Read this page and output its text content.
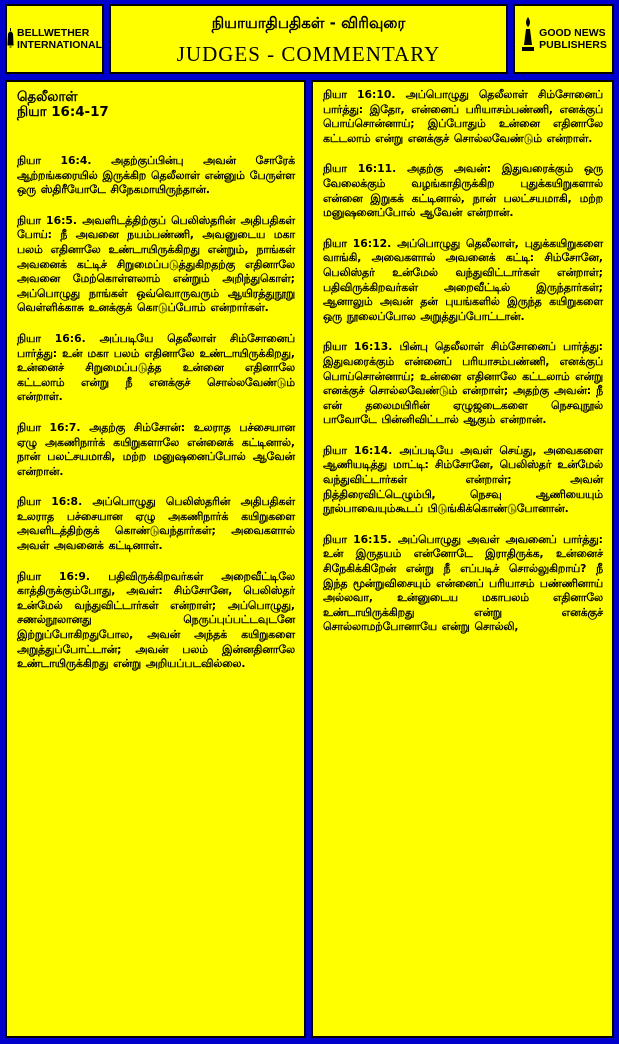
BELLWETHER
INTERNATIONAL
நியாயாதிபதிகள் - விரிவுரை
JUDGES - COMMENTARY
GOOD NEWS
PUBLISHERS
தெலீலாள்
நியா 16:4-17

நியா 16:4. அதற்குப்பின்பு அவன் சோரேக் ஆற்றங்கரையில் இருக்கிற தெலீலாள் என்னும் பேருள்ள ஒரு ஸ்திரீயோடே சிநேகமாயிருந்தான்.

நியா 16:5. அவளிடத்திற்குப் பெலிஸ்தரின் அதிபதிகள் போய்: நீ அவனை நயம்பண்ணி, அவனுடைய மகா பலம் எதினாலே உண்டாயிருக்கிறது என்றும், நாங்கள் அவனைக் கட்டிச் சிறுமைப்படுத்துகிறதற்கு எதினாலே அவனை மேற்கொள்ளலாம் என்றும் அறிந்துகொள்; அப்பொழுது நாங்கள் ஒவ்வொருவரும் ஆயிரத்துநூறு வெள்ளிக்காசு உனக்குக் கொடுப்போம் என்றார்கள்.

நியா 16:6. அப்படியே தெலீலாள் சிம்சோனைப் பார்த்து: உன் மகா பலம் எதினாலே உண்டாயிருக்கிறது, உன்னைச் சிறுமைப்படுத்த உன்னை எதினாலே கட்டலாம் என்று நீ எனக்குச் சொல்லவேண்டும் என்றாள்.

நியா 16:7. அதற்கு சிம்சோன்: உலராத பச்சையான ஏழு அகணிநார்க் கயிறுகளாலே என்னைக் கட்டினால், நான் பலட்சயமாகி, மற்ற மனுஷனைப்போல் ஆவேன் என்றான்.

நியா 16:8. அப்பொழுது பெலிஸ்தரின் அதிபதிகள் உலராத பச்சையான ஏழு அகணிநார்க் கயிறுகளை அவளிடத்திற்குக் கொண்டுவந்தார்கள்; அவைகளால் அவள் அவனைக் கட்டினாள்.

நியா 16:9. பதிவிருக்கிறவர்கள் அறைவீட்டிலே காத்திருக்கும்போது, அவள்: சிம்சோனே, பெலிஸ்தர் உன்மேல் வந்துவிட்டார்கள் என்றாள்; அப்பொழுது, சணல்நூலானது நெருப்புப்பட்டவுடனே இற்றுப்போகிறதுபோல, அவன் அந்தக் கயிறுகளை அறுத்துப்போட்டான்; அவன் பலம் இன்னதினாலே உண்டாயிருக்கிறது என்று அறியப்படவில்லை.

நியா 16:10. அப்பொழுது தெலீலாள் சிம்சோனைப் பார்த்து: இதோ, என்னைப் பரியாசம்பண்ணி, எனக்குப் பொய்சொன்னாய்; இப்போதும் உன்னை எதினாலே கட்டலாம் என்று எனக்குச் சொல்லவேண்டும் என்றாள்.

நியா 16:11. அதற்கு அவன்: இதுவரைக்கும் ஒரு வேலைக்கும் வழங்காதிருக்கிற புதுக்கயிறுகளால் என்னை இறுகக் கட்டினால், நான் பலட்சயமாகி, மற்ற மனுஷனைப்போல் ஆவேன் என்றான்.

நியா 16:12. அப்பொழுது தெலீலாள், புதுக்கயிறுகளை வாங்கி, அவைகளால் அவனைக் கட்டி: சிம்சோனே, பெலிஸ்தர் உன்மேல் வந்துவிட்டார்கள் என்றாள்; பதிவிருக்கிறவர்கள் அறைவீட்டில் இருந்தார்கள்; ஆனாலும் அவன் தன் புயங்களில் இருந்த கயிறுகளை ஒரு நூலைப்போல அறுத்துப்போட்டான்.

நியா 16:13. பின்பு தெலீலாள் சிம்சோனைப் பார்த்து: இதுவரைக்கும் என்னைப் பரியாசம்பண்ணி, எனக்குப் பொய்சொன்னாய்; உன்னை எதினாலே கட்டலாம் என்று எனக்குச் சொல்லவேண்டும் என்றாள்; அதற்கு அவன்: நீ என் தலைமயிரின் ஏழுஜடைகளை நெசவுநூல் பாவோடே பின்னிவிட்டால் ஆகும் என்றான்.

நியா 16:14. அப்படியே அவள் செய்து, அவைகளை ஆணியடித்து மாட்டி: சிம்சோனே, பெலிஸ்தர் உன்மேல் வந்துவிட்டார்கள் என்றாள்; அவன் நித்திரைவிட்டெழும்பி, நெசவு ஆணியையும் நூல்பாவையும்கூடப் பிடுங்கிக்கொண்டுபோனான்.

நியா 16:15. அப்பொழுது அவள் அவனைப் பார்த்து: உன் இருதயம் என்னோடே இராதிருக்க, உன்னைச் சிநேகிக்கிறேன் என்று நீ எப்படிச் சொல்லுகிறாய்? நீ இந்த மூன்றுவிசையும் என்னைப் பரியாசம் பண்ணினாய் அல்லவா, உன்னுடைய மகாபலம் எதினாலே உண்டாயிருக்கிறது என்று எனக்குச் சொல்லாமற்போனாயே என்று சொல்லி,
